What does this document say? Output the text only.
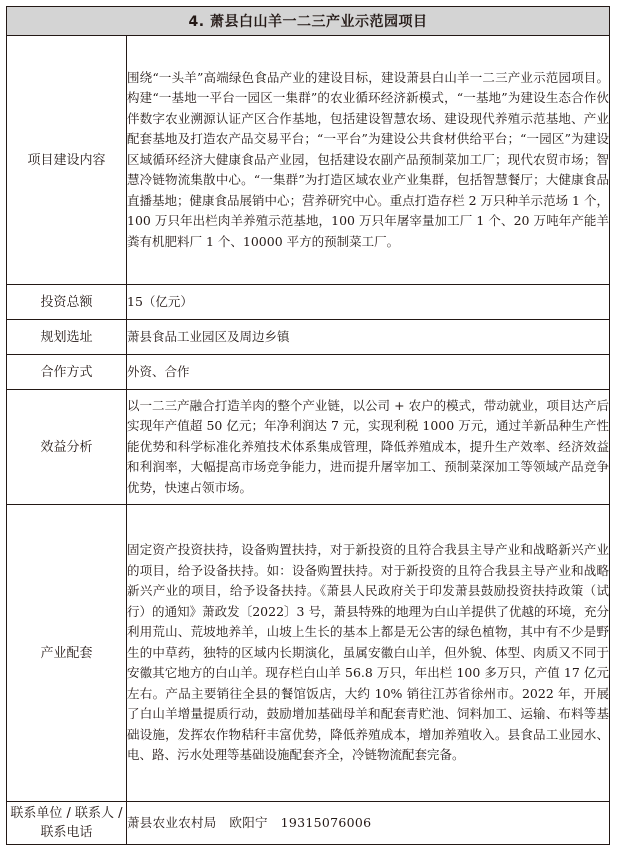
4. 萧县白山羊一二三产业示范园项目	
项目建设内容	围绕“一头羊”高端绿色食品产业的建设目标，建设萧县白山羊一二三产业示范园项目。构建“一基地一平台一园区一集群”的农业循环经济新模式，“一基地”为建设生态合作伙伴数字农业溯源认证产区合作基地，包括建设智慧农场、建设现代养殖示范基地、产业配套基地及打造农产品交易平台；“一平台”为建设公共食材供给平台；“一园区”为建设区域循环经济大健康食品产业园，包括建设农副产品预制菜加工厂；现代农贸市场；智慧冷链物流集散中心。“一集群”为打造区域农业产业集群，包括智慧餐厅；大健康食品直播基地；健康食品展销中心；营养研究中心。重点打造存栏 2 万只种羊示范场 1 个，100 万只年出栏肉羊养殖示范基地，100 万只年屠宰量加工厂 1 个、20 万吨年产能羊粪有机肥料厂 1 个、10000 平方的预制菜工厂。
投资总额	15（亿元）
规划选址	萧县食品工业园区及周边乡镇
合作方式	外资、合作
效益分析	以一二三产融合打造羊肉的整个产业链，以公司 + 农户的模式，带动就业，项目达产后实现年产值超 50 亿元；年净利润达 7 元，实现利税 1000 万元，通过羊新品种生产性能优势和科学标准化养殖技术体系集成管理，降低养殖成本，提升生产效率、经济效益和利润率，大幅提高市场竞争能力，进而提升屠宰加工、预制菜深加工等领域产品竞争优势，快速占领市场。
产业配套	固定资产投资扶持，设备购置扶持，对于新投资的且符合我县主导产业和战略新兴产业的项目，给予设备扶持。如：设备购置扶持。对于新投资的且符合我县主导产业和战略新兴产业的项目，给予设备扶持。《萧县人民政府关于印发萧县鼓励投资扶持政策（试行）的通知》萧政发〔2022〕3 号，萧县特殊的地理为白山羊提供了优越的环境，充分利用荒山、荒坡地养羊，山坡上生长的基本上都是无公害的绿色植物，其中有不少是野生的中草药，独特的区域内长期演化，虽属安徽白山羊，但外貌、体型、肉质又不同于安徽其它地方的白山羊。现存栏白山羊 56.8 万只，年出栏 100 多万只，产值 17 亿元左右。产品主要销往全县的餐馆饭店，大约 10% 销往江苏省徐州市。2022 年，开展了白山羊增量提质行动，鼓励增加基础母羊和配套青贮池、饲料加工、运输、布料等基础设施，发挥农作物秸秆丰富优势，降低养殖成本，增加养殖收入。县食品工业园水、电、路、污水处理等基础设施配套齐全，冷链物流配套完备。
联系单位 / 联系人 / 联系电话	萧县农业农村局　欧阳宁　19315076006
